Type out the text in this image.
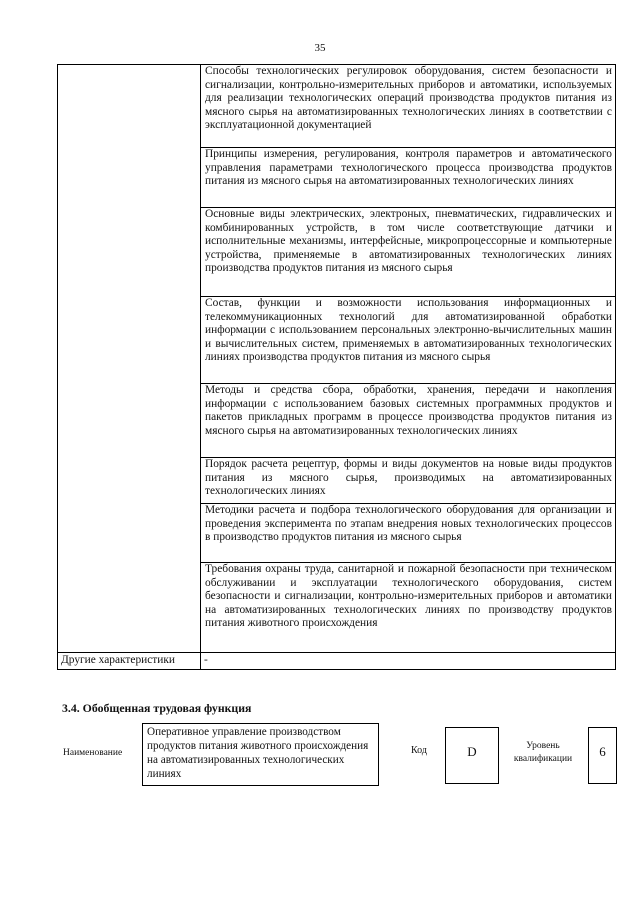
35

	Способы технологических регулировок оборудования, систем безопасности и сигнализации, контрольно-измерительных приборов и автоматики, используемых для реализации технологических операций производства продуктов питания из мясного сырья на автоматизированных технологических линиях в соответствии с эксплуатационной документацией

	Принципы измерения, регулирования, контроля параметров и автоматического управления параметрами технологического процесса производства продуктов питания из мясного сырья на автоматизированных технологических линиях

	Основные виды электрических, электроных, пневматических, гидравлических и комбинированных устройств, в том числе соответствующие датчики и исполнительные механизмы, интерфейсные, микропроцессорные и компьютерные устройства, применяемые в автоматизированных технологических линиях производства продуктов питания из мясного сырья

	Состав, функции и возможности использования информационных и телекоммуникационных технологий для автоматизированной обработки информации с использованием персональных электронно-вычислительных машин и вычислительных систем, применяемых в автоматизированных технологических линиях производства продуктов питания из мясного сырья

	Методы и средства сбора, обработки, хранения, передачи и накопления информации с использованием базовых системных программных продуктов и пакетов прикладных программ в процессе производства продуктов питания из мясного сырья на автоматизированных технологических линиях

	Порядок расчета рецептур, формы и виды документов на новые виды продуктов питания из мясного сырья, производимых на автоматизированных технологических линиях

	Методики расчета и подбора технологического оборудования для организации и проведения эксперимента по этапам внедрения новых технологических процессов в производство продуктов питания из мясного сырья

	Требования охраны труда, санитарной и пожарной безопасности при техническом обслуживании и эксплуатации технологического оборудования, систем безопасности и сигнализации, контрольно-измерительных приборов и автоматики на автоматизированных технологических линиях по производству продуктов питания животного происхождения

Другие характеристики	-
3.4. Обобщенная трудовая функция
Наименование
Оперативное управление производством продуктов питания животного происхождения на автоматизированных технологических линиях
Код	D	Уровень квалификации	6
